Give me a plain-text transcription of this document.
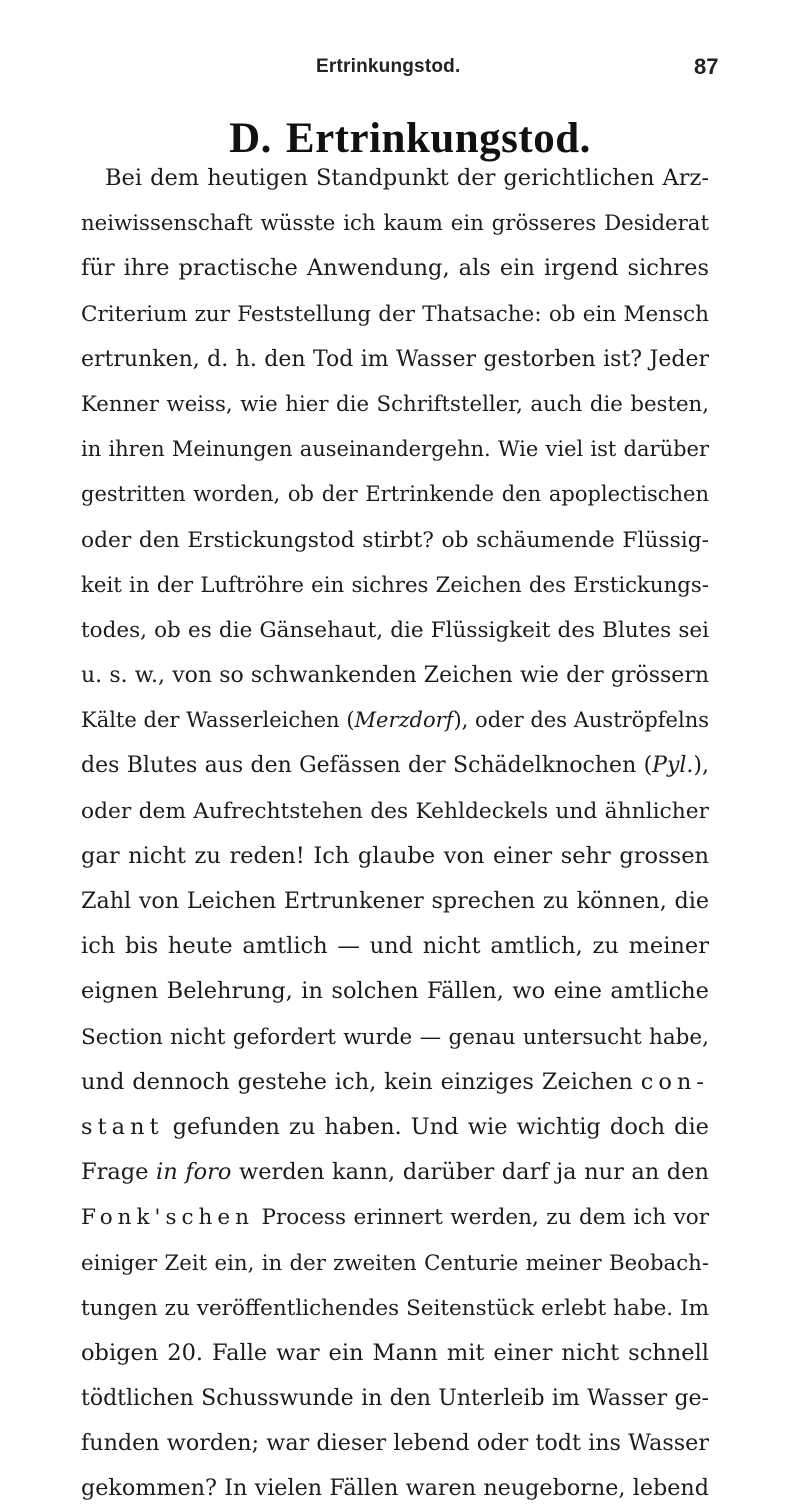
Ertrinkungstod.	87
D. Ertrinkungstod.
Bei dem heutigen Standpunkt der gerichtlichen Arz-
neiwissenschaft wüsste ich kaum ein grösseres Desiderat
für ihre practische Anwendung, als ein irgend sichres
Criterium zur Feststellung der Thatsache: ob ein Mensch
ertrunken, d. h. den Tod im Wasser gestorben ist? Jeder
Kenner weiss, wie hier die Schriftsteller, auch die besten,
in ihren Meinungen auseinandergehn. Wie viel ist darüber
gestritten worden, ob der Ertrinkende den apoplectischen
oder den Erstickungstod stirbt? ob schäumende Flüssig-
keit in der Luftröhre ein sichres Zeichen des Erstickungs-
todes, ob es die Gänsehaut, die Flüssigkeit des Blutes sei
u. s. w., von so schwankenden Zeichen wie der grössern
Kälte der Wasserleichen (Merzdorf), oder des Auströpfelns
des Blutes aus den Gefässen der Schädelknochen (Pyl.),
oder dem Aufrechtstehen des Kehldeckels und ähnlicher
gar nicht zu reden! Ich glaube von einer sehr grossen
Zahl von Leichen Ertrunkener sprechen zu können, die
ich bis heute amtlich — und nicht amtlich, zu meiner
eignen Belehrung, in solchen Fällen, wo eine amtliche
Section nicht gefordert wurde — genau untersucht habe,
und dennoch gestehe ich, kein einziges Zeichen con-
stant gefunden zu haben. Und wie wichtig doch die
Frage in foro werden kann, darüber darf ja nur an den
Fonk'schen Process erinnert werden, zu dem ich vor
einiger Zeit ein, in der zweiten Centurie meiner Beobach-
tungen zu veröffentlichendes Seitenstück erlebt habe. Im
obigen 20. Falle war ein Mann mit einer nicht schnell
tödtlichen Schusswunde in den Unterleib im Wasser ge-
funden worden; war dieser lebend oder todt ins Wasser
gekommen? In vielen Fällen waren neugeborne, lebend
